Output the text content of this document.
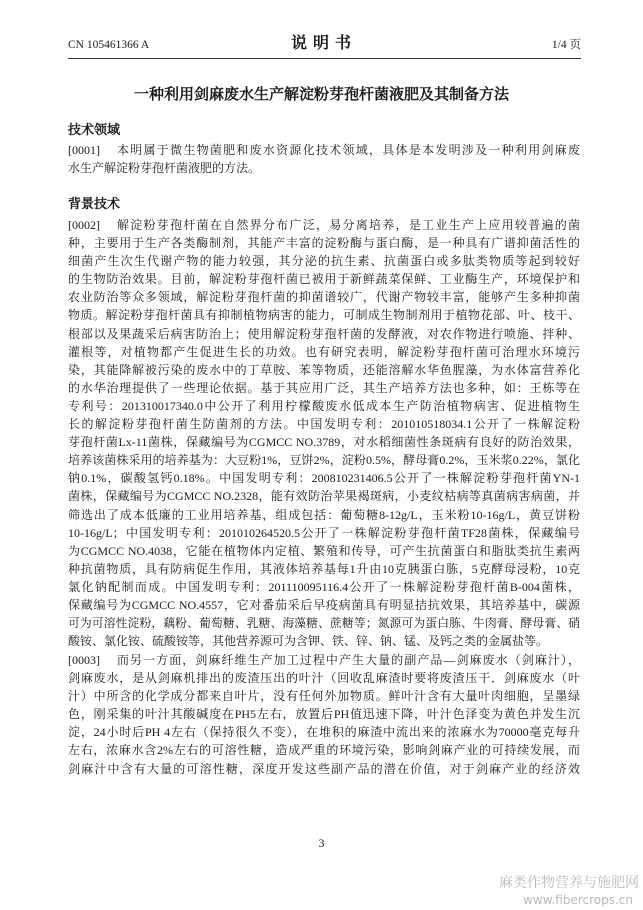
CN 105461366 A	说 明 书	1/4 页
一种利用剑麻废水生产解淀粉芽孢杆菌液肥及其制备方法
技术领域
[0001]	本明属于微生物菌肥和废水资源化技术领域，具体是本发明涉及一种利用剑麻废
水生产解淀粉芽孢杆菌液肥的方法。
背景技术
[0002]	解淀粉芽孢杆菌在自然界分布广泛，易分离培养，是工业生产上应用较普遍的菌
种，主要用于生产各类酶制剂，其能产丰富的淀粉酶与蛋白酶，是一种具有广谱抑菌活性的
细菌产生次生代谢产物的能力较强，其分泌的抗生素、抗菌蛋白或多肽类物质等起到较好
的生物防治效果。目前，解淀粉芽孢杆菌已被用于新鲜蔬菜保鲜、工业酶生产，环境保护和
农业防治等众多领域，解淀粉芽孢杆菌的抑菌谱较广，代谢产物较丰富，能够产生多种抑菌
物质。解淀粉芽孢杆菌具有抑制植物病害的能力，可制成生物制剂用于植物花部、叶、枝干、
根部以及果蔬采后病害防治上；使用解淀粉芽孢杆菌的发酵液，对农作物进行喷施、拌种、
灌根等，对植物都产生促进生长的功效。也有研究表明，解淀粉芽孢杆菌可治理水环境污
染，其能降解被污染的废水中的丁草胺、苯等物质，还能溶解水华鱼腥藻，为水体富营养化
的水华治理提供了一些理论依据。基于其应用广泛，其生产培养方法也多种，如：王栋等在
专利号：201310017340.0中公开了利用柠檬酸废水低成本生产防治植物病害、促进植物生
长的解淀粉芽孢杆菌生防菌剂的方法。中国发明专利：201010518034.1公开了一株解淀粉
芽孢杆菌Lx-11菌株，保藏编号为CGMCC NO.3789，对水稻细菌性条斑病有良好的防治效果，
培养该菌株采用的培养基为：大豆粉1%，豆饼2%，淀粉0.5%，酵母膏0.2%，玉米浆0.22%，氯化
钠0.1%，碳酸氢钙0.18%。中国发明专利：200810231406.5公开了一株解淀粉芽孢杆菌YN-1
菌株，保藏编号为CGMCC NO.2328，能有效防治苹果褐斑病，小麦纹枯病等真菌病害病菌，并
筛选出了成本低廉的工业用培养基，组成包括：葡萄糖8-12g/L，玉米粉10-16g/L，黄豆饼粉
10-16g/L；中国发明专利：201010264520.5公开了一株解淀粉芽孢杆菌TF28菌株，保藏编号
为CGMCC NO.4038，它能在植物体内定植、繁殖和传导，可产生抗菌蛋白和脂肽类抗生素两
种抗菌物质，具有防病促生作用，其液体培养基每1升由10克胰蛋白胨，5克酵母浸粉，10克
氯化钠配制而成。中国发明专利：201110095116.4公开了一株解淀粉芽孢杆菌B-004菌株，
保藏编号为CGMCC NO.4557，它对番茄采后早疫病菌具有明显拮抗效果，其培养基中，碳源
可为可溶性淀粉，藕粉、葡萄糖、乳糖、海藻糖、蔗糖等；氮源可为蛋白胨、牛肉膏、酵母膏、硝
酸铵、氯化铵、硫酸铵等，其他营养源可为含钾、铁、锌、钠、锰、及钙之类的金属盐等。
[0003]	而另一方面，剑麻纤维生产加工过程中产生大量的副产品—剑麻废水（剑麻汁），
剑麻废水，是从剑麻机排出的废渣压出的叶汁（回收乱麻渣时要将废渣压干．剑麻废水（叶
汁）中所含的化学成分都来自叶片，没有任何外加物质。鲜叶汁含有大量叶肉细胞，呈墨绿
色，刚采集的叶汁其酸碱度在PH5左右，放置后PH值迅速下降，叶汁色泽变为黄色并发生沉
淀，24小时后PH 4左右（保持很久不变），在堆积的麻渣中流出来的浓麻水为70000毫克每升
左右，浓麻水含2%左右的可溶性糖，造成严重的环境污染，影响剑麻产业的可持续发展，而
剑麻汁中含有大量的可溶性糖，深度开发这些副产品的潜在价值，对于剑麻产业的经济效
3
麻类作物营养与施肥网
www.fibercrops.cn
